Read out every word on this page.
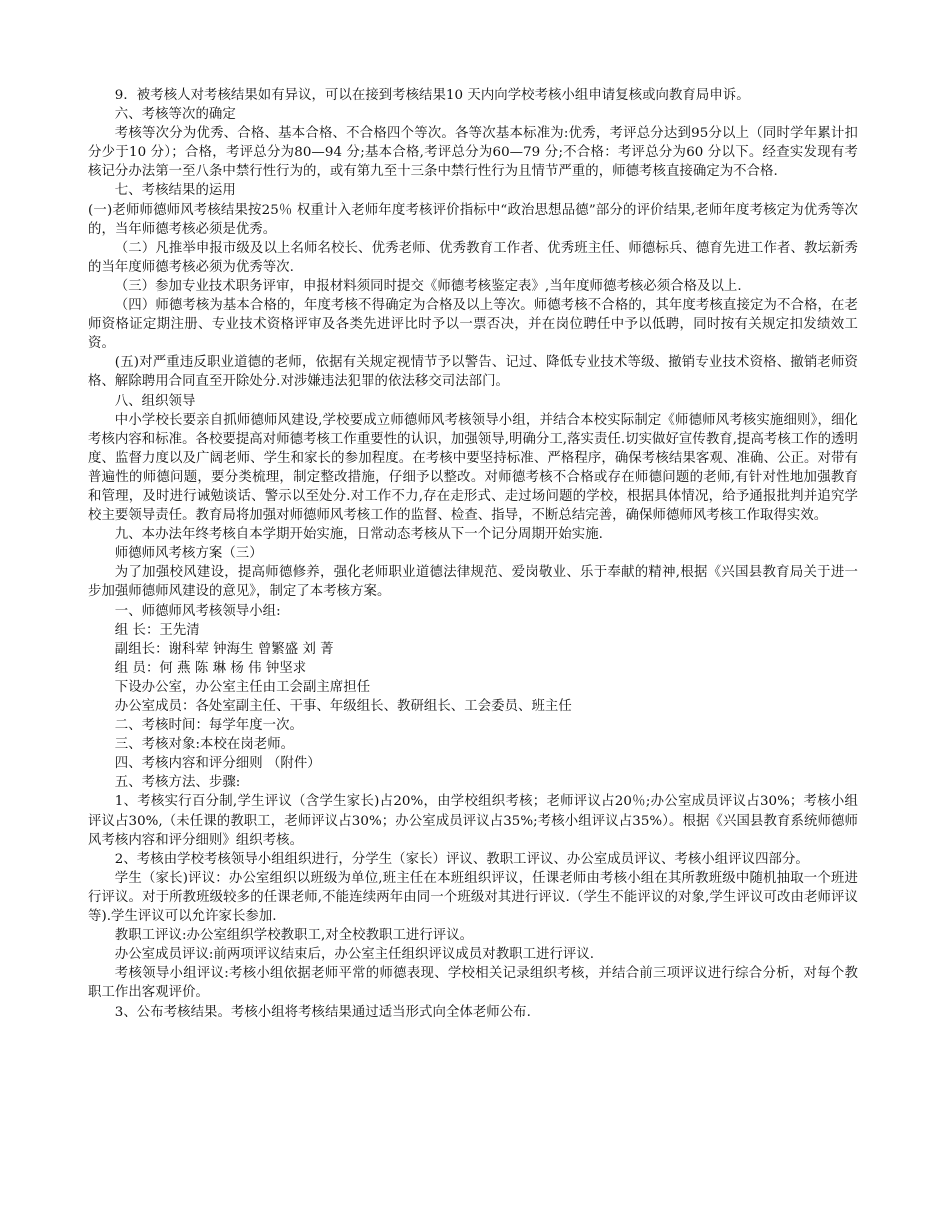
9．被考核人对考核结果如有异议，可以在接到考核结果10 天内向学校考核小组申请复核或向教育局申诉。

六、考核等次的确定

考核等次分为优秀、合格、基本合格、不合格四个等次。各等次基本标准为:优秀，考评总分达到95分以上（同时学年累计扣分少于10 分）；合格，考评总分为80—94 分;基本合格,考评总分为60—79 分;不合格：考评总分为60 分以下。经查实发现有考核记分办法第一至八条中禁行性行为的，或有第九至十三条中禁行性行为且情节严重的，师德考核直接确定为不合格.

七、考核结果的运用

(一)老师师德师风考核结果按25％ 权重计入老师年度考核评价指标中“政治思想品德”部分的评价结果,老师年度考核定为优秀等次的，当年师德考核必须是优秀。

（二）凡推举申报市级及以上名师名校长、优秀老师、优秀教育工作者、优秀班主任、师德标兵、德育先进工作者、教坛新秀的当年度师德考核必须为优秀等次.

（三）参加专业技术职务评审，申报材料须同时提交《师德考核鉴定表》,当年度师德考核必须合格及以上.

（四）师德考核为基本合格的，年度考核不得确定为合格及以上等次。师德考核不合格的，其年度考核直接定为不合格，在老师资格证定期注册、专业技术资格评审及各类先进评比时予以一票否决，并在岗位聘任中予以低聘，同时按有关规定扣发绩效工资。

(五)对严重违反职业道德的老师，依据有关规定视情节予以警告、记过、降低专业技术等级、撤销专业技术资格、撤销老师资格、解除聘用合同直至开除处分.对涉嫌违法犯罪的依法移交司法部门。

八、组织领导

中小学校长要亲自抓师德师风建设,学校要成立师德师风考核领导小组，并结合本校实际制定《师德师风考核实施细则》，细化考核内容和标准。各校要提高对师德考核工作重要性的认识，加强领导,明确分工,落实责任.切实做好宣传教育,提高考核工作的透明度、监督力度以及广阔老师、学生和家长的参加程度。在考核中要坚持标准、严格程序，确保考核结果客观、准确、公正。对带有普遍性的师德问题，要分类梳理，制定整改措施，仔细予以整改。对师德考核不合格或存在师德问题的老师,有针对性地加强教育和管理，及时进行诫勉谈话、警示以至处分.对工作不力,存在走形式、走过场问题的学校，根据具体情况，给予通报批判并追究学校主要领导责任。教育局将加强对师德师风考核工作的监督、检查、指导，不断总结完善，确保师德师风考核工作取得实效。

九、本办法年终考核自本学期开始实施，日常动态考核从下一个记分周期开始实施.

师德师风考核方案（三）

为了加强校风建设，提高师德修养，强化老师职业道德法律规范、爱岗敬业、乐于奉献的精神,根据《兴国县教育局关于进一步加强师德师风建设的意见》，制定了本考核方案。

一、师德师风考核领导小组:

组 长：王先清

副组长：谢科荤 钟海生 曾繁盛 刘 菁

组 员：何 燕 陈 琳 杨 伟 钟坚求

下设办公室，办公室主任由工会副主席担任

办公室成员：各处室副主任、干事、年级组长、教研组长、工会委员、班主任

二、考核时间：每学年度一次。

三、考核对象:本校在岗老师。

四、考核内容和评分细则 （附件）

五、考核方法、步骤:

1、考核实行百分制,学生评议（含学生家长)占20%，由学校组织考核；老师评议占20％;办公室成员评议占30%；考核小组评议占30%,（未任课的教职工，老师评议占30%；办公室成员评议占35%;考核小组评议占35%）。根据《兴国县教育系统师德师风考核内容和评分细则》组织考核。

2、考核由学校考核领导小组组织进行，分学生（家长）评议、教职工评议、办公室成员评议、考核小组评议四部分。

学生（家长)评议：办公室组织以班级为单位,班主任在本班组织评议，任课老师由考核小组在其所教班级中随机抽取一个班进行评议。对于所教班级较多的任课老师,不能连续两年由同一个班级对其进行评议.（学生不能评议的对象,学生评议可改由老师评议等).学生评议可以允许家长参加.

教职工评议:办公室组织学校教职工,对全校教职工进行评议。

办公室成员评议:前两项评议结束后，办公室主任组织评议成员对教职工进行评议.

考核领导小组评议:考核小组依据老师平常的师德表现、学校相关记录组织考核，并结合前三项评议进行综合分析，对每个教职工作出客观评价。

3、公布考核结果。考核小组将考核结果通过适当形式向全体老师公布.
